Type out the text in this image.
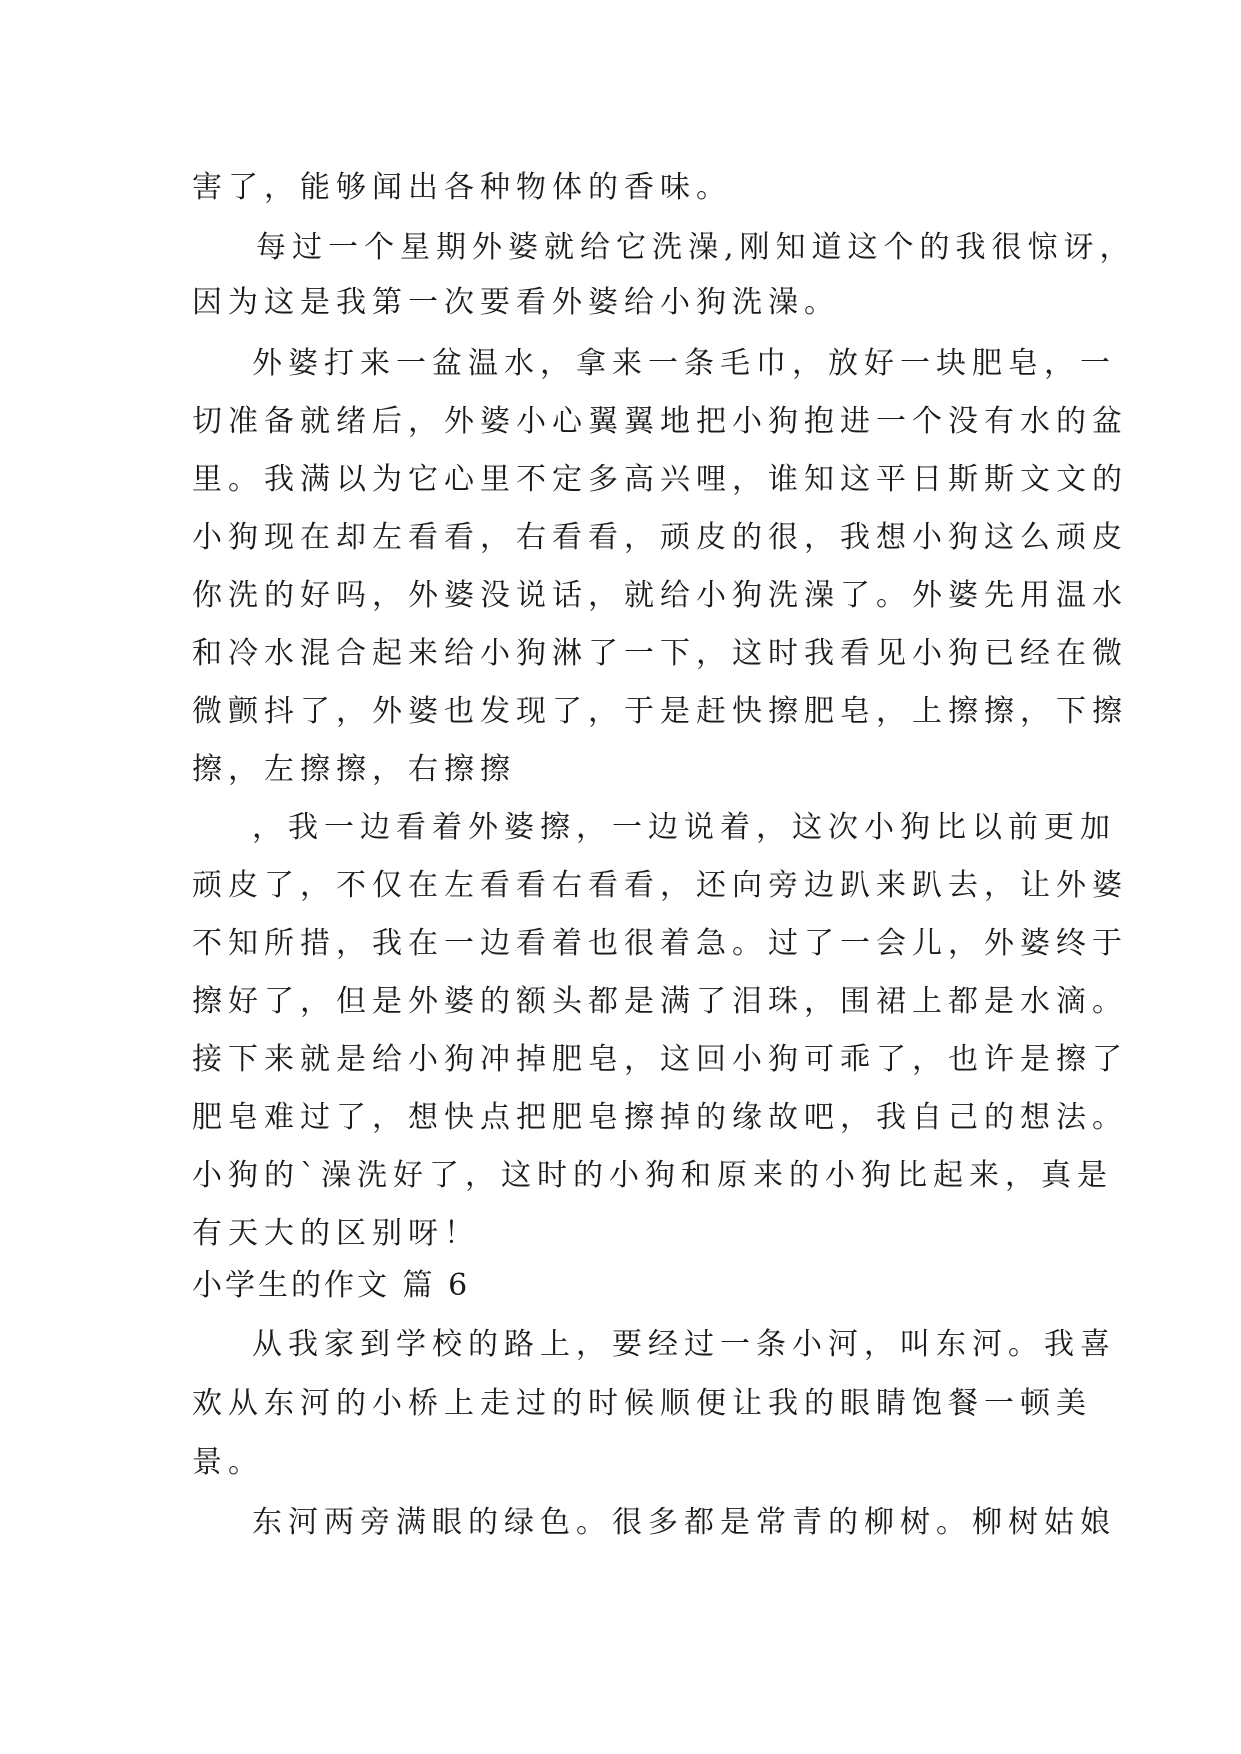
害了，能够闻出各种物体的香味。
每过一个星期外婆就给它洗澡,刚知道这个的我很惊讶，
因为这是我第一次要看外婆给小狗洗澡。
外婆打来一盆温水，拿来一条毛巾，放好一块肥皂，一
切准备就绪后，外婆小心翼翼地把小狗抱进一个没有水的盆
里。我满以为它心里不定多高兴哩，谁知这平日斯斯文文的
小狗现在却左看看，右看看，顽皮的很，我想小狗这么顽皮
你洗的好吗，外婆没说话，就给小狗洗澡了。外婆先用温水
和冷水混合起来给小狗淋了一下，这时我看见小狗已经在微
微颤抖了，外婆也发现了，于是赶快擦肥皂，上擦擦，下擦
擦，左擦擦，右擦擦
，我一边看着外婆擦，一边说着，这次小狗比以前更加
顽皮了，不仅在左看看右看看，还向旁边趴来趴去，让外婆
不知所措，我在一边看着也很着急。过了一会儿，外婆终于
擦好了，但是外婆的额头都是满了泪珠，围裙上都是水滴。
接下来就是给小狗冲掉肥皂，这回小狗可乖了，也许是擦了
肥皂难过了，想快点把肥皂擦掉的缘故吧，我自己的想法。
小狗的`澡洗好了，这时的小狗和原来的小狗比起来，真是
有天大的区别呀！
小学生的作文 篇 6
从我家到学校的路上，要经过一条小河，叫东河。我喜
欢从东河的小桥上走过的时候顺便让我的眼睛饱餐一顿美
景。
东河两旁满眼的绿色。很多都是常青的柳树。柳树姑娘
